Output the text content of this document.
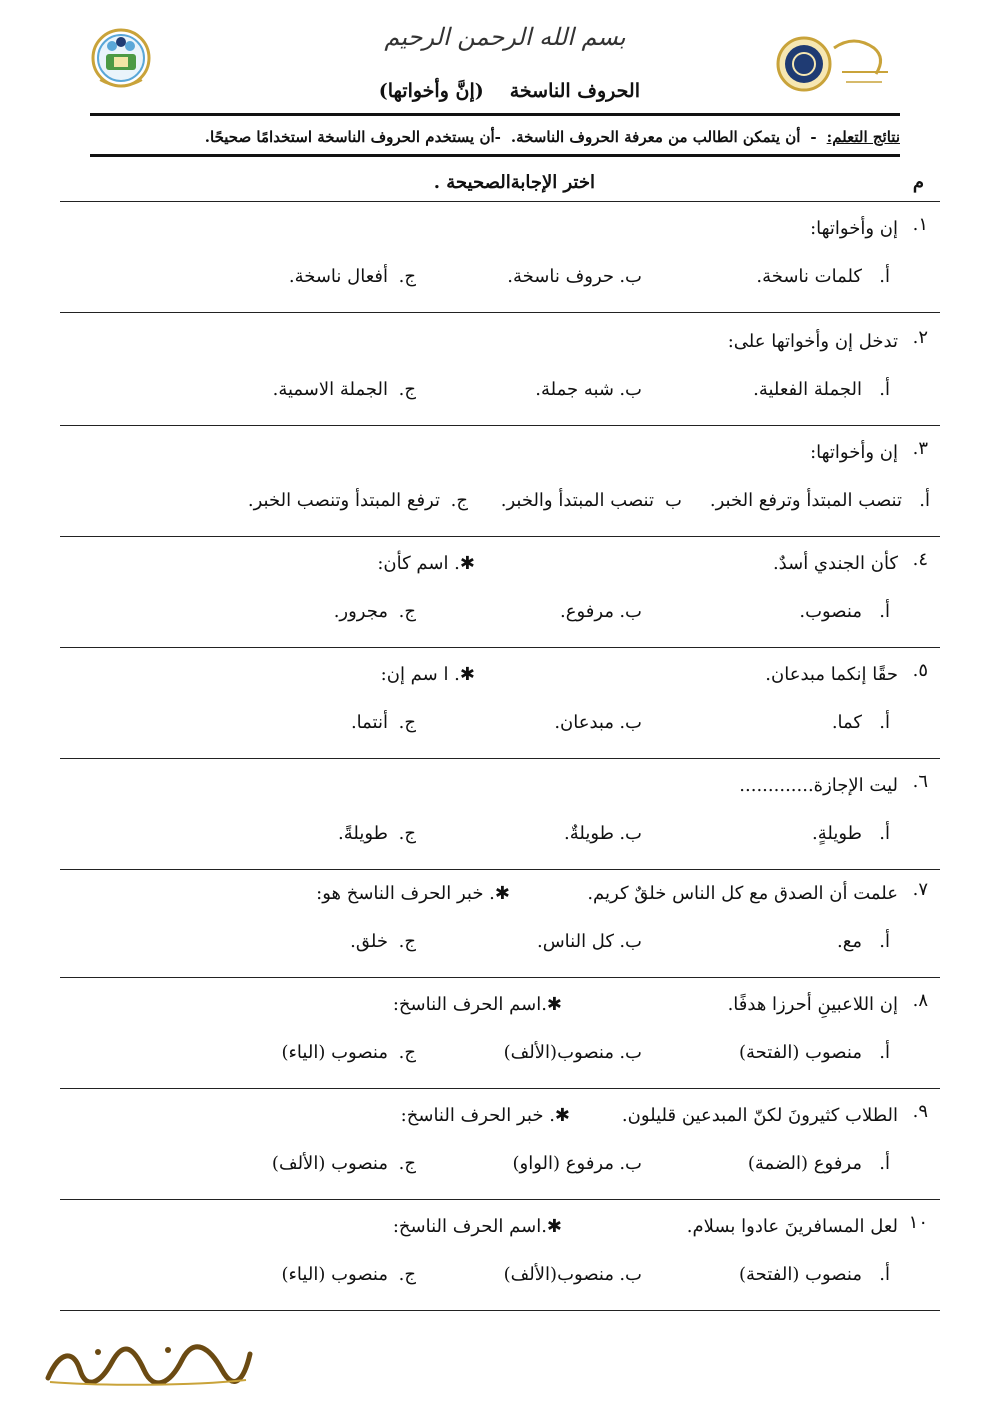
بسم الله الرحمن الرحيم
الحروف الناسخة
(إنَّ وأخواتها)
نتائج التعلم:
-
أن يتمكن الطالب من معرفة الحروف الناسخة.
-أن يستخدم الحروف الناسخة استخدامًا صحيحًا.
م
اختر الإجابةالصحيحة .
١.
إن وأخواتها:
أ.
كلمات ناسخة.
ب.
حروف ناسخة.
ج.
أفعال ناسخة.
٢.
تدخل إن وأخواتها على:
أ.
الجملة الفعلية.
ب.
شبه جملة.
ج.
الجملة الاسمية.
٣.
إن وأخواتها:
أ.
تنصب المبتدأ وترفع الخبر.
ب
تنصب المبتدأ والخبر.
ج.
ترفع المبتدأ وتنصب الخبر.
٤.
كأن الجندي أسدٌ.
✱. اسم كأن:
أ.
منصوب.
ب.
مرفوع.
ج.
مجرور.
٥.
حقًا إنكما مبدعان.
✱. ا سم إن:
أ.
كما.
ب.
مبدعان.
ج.
أنتما.
٦.
ليت الإجازة.............
أ.
طويلةٍ.
ب.
طويلةٌ.
ج.
طويلةً.
٧.
علمت أن الصدق مع كل الناس خلقٌ كريم.
✱. خبر الحرف الناسخ هو:
أ.
مع.
ب.
كل الناس.
ج.
خلق.
٨.
إن اللاعبينِ أحرزا هدفًا.
✱.اسم الحرف الناسخ:
أ.
منصوب (الفتحة)
ب.
منصوب(الألف)
ج.
منصوب (الياء)
٩.
الطلاب كثيرونَ لكنّ المبدعين قليلون.
✱. خبر الحرف الناسخ:
أ.
مرفوع (الضمة)
ب.
مرفوع (الواو)
ج.
منصوب (الألف)
١٠
لعل المسافرينَ عادوا بسلام.
✱.اسم الحرف الناسخ:
أ.
منصوب (الفتحة)
ب.
منصوب(الألف)
ج.
منصوب (الياء)
